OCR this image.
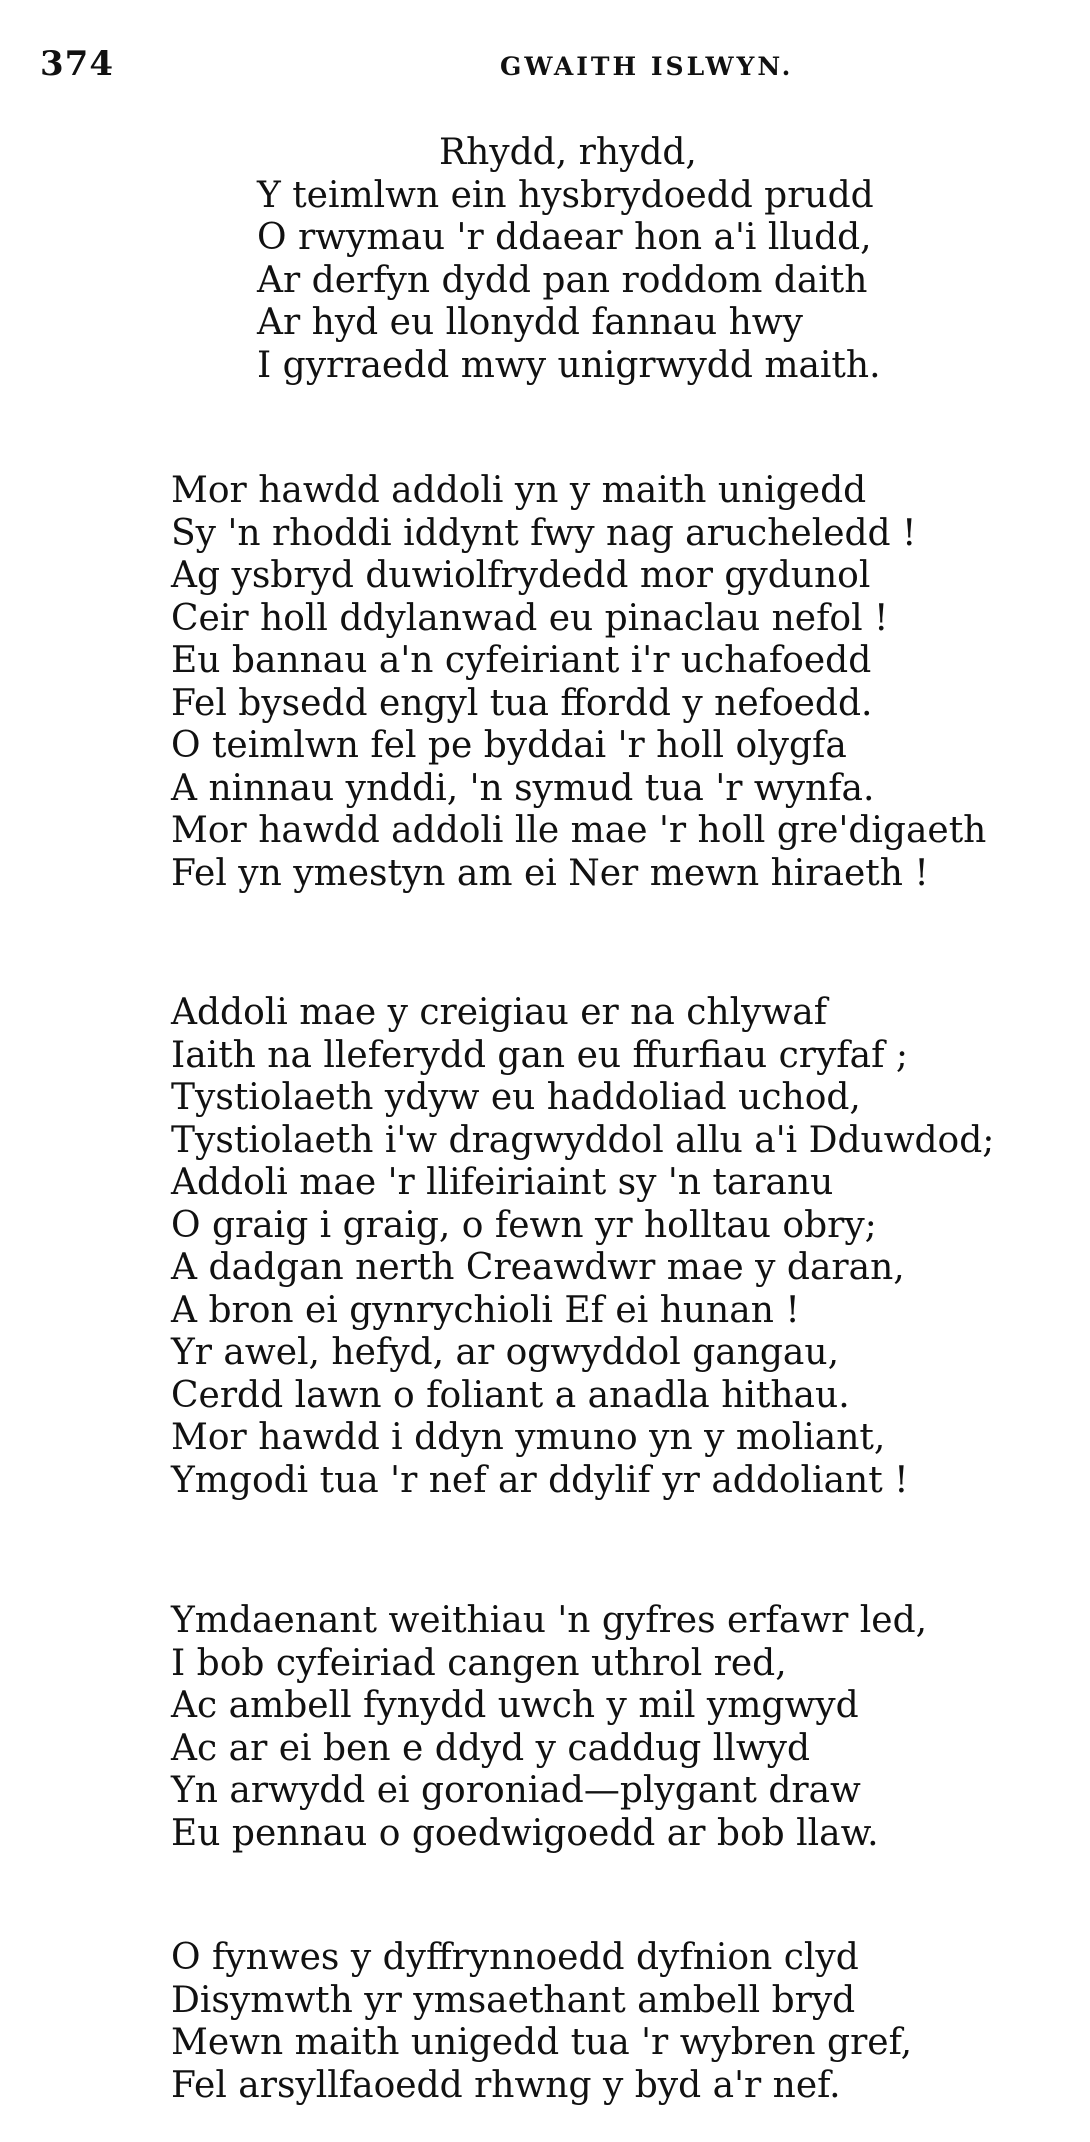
374	GWAITH ISLWYN.
Rhydd, rhydd,
Y teimlwn ein hysbrydoedd prudd
O rwymau 'r ddaear hon a'i lludd,
Ar derfyn dydd pan roddom daith
Ar hyd eu llonydd fannau hwy
I gyrraedd mwy unigrwydd maith.
Mor hawdd addoli yn y maith unigedd
Sy 'n rhoddi iddynt fwy nag arucheledd !
Ag ysbryd duwiolfrydedd mor gydunol
Ceir holl ddylanwad eu pinaclau nefol !
Eu bannau a'n cyfeiriant i'r uchafoedd
Fel bysedd engyl tua ffordd y nefoedd.
O teimlwn fel pe byddai 'r holl olygfa
A ninnau ynddi, 'n symud tua 'r wynfa.
Mor hawdd addoli lle mae 'r holl gre'digaeth
Fel yn ymestyn am ei Ner mewn hiraeth !
Addoli mae y creigiau er na chlywaf
Iaith na lleferydd gan eu ffurfiau cryfaf ;
Tystiolaeth ydyw eu haddoliad uchod,
Tystiolaeth i'w dragwyddol allu a'i Dduwdod;
Addoli mae 'r llifeiriaint sy 'n taranu
O graig i graig, o fewn yr holltau obry;
A dadgan nerth Creawdwr mae y daran,
A bron ei gynrychioli Ef ei hunan !
Yr awel, hefyd, ar ogwyddol gangau,
Cerdd lawn o foliant a anadla hithau.
Mor hawdd i ddyn ymuno yn y moliant,
Ymgodi tua 'r nef ar ddylif yr addoliant !
Ymdaenant weithiau 'n gyfres erfawr led,
I bob cyfeiriad cangen uthrol red,
Ac ambell fynydd uwch y mil ymgwyd
Ac ar ei ben e ddyd y caddug llwyd
Yn arwydd ei goroniad—plygant draw
Eu pennau o goedwigoedd ar bob llaw.
O fynwes y dyffrynnoedd dyfnion clyd
Disymwth yr ymsaethant ambell bryd
Mewn maith unigedd tua 'r wybren gref,
Fel arsyllfaoedd rhwng y byd a'r nef.
